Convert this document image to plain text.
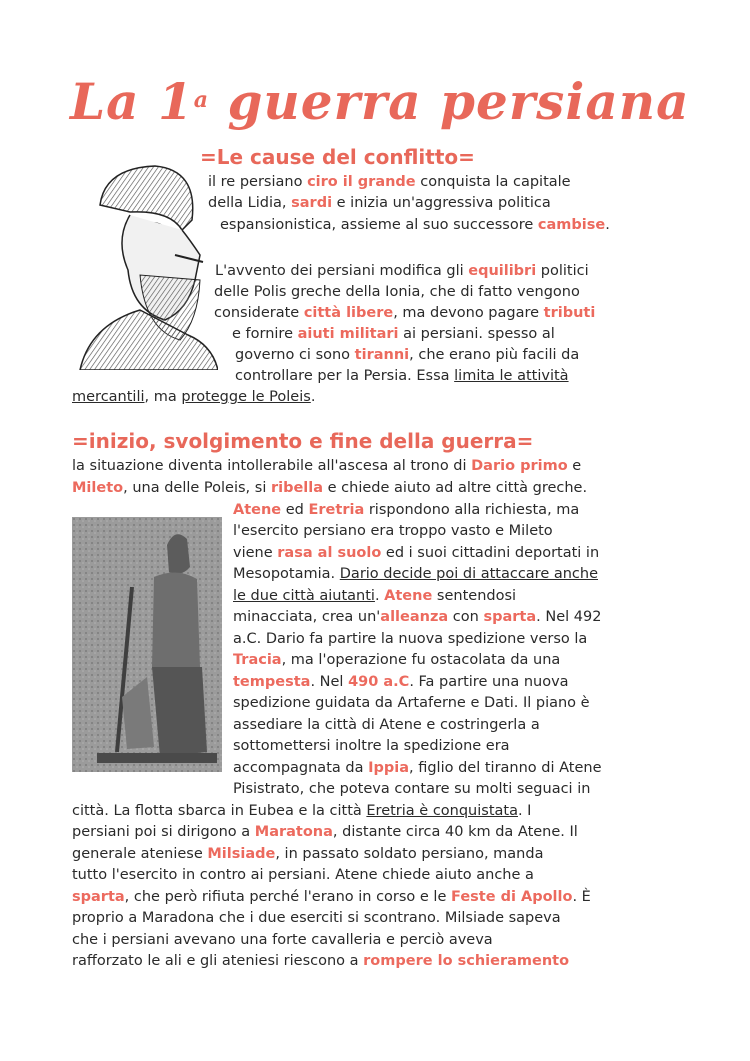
La 1$^a$ guerra persiana
=Le cause del conflitto=

il re persiano ciro il grande conquista la capitale

della Lidia, sardi e inizia un'aggressiva politica

espansionistica, assieme al suo successore cambise.

L'avvento dei persiani modifica gli equilibri politici

delle Polis greche della Ionia, che di fatto vengono

considerate città libere, ma devono pagare tributi

e fornire aiuti militari ai persiani. spesso al

governo ci sono tiranni, che erano più facili da

controllare per la Persia. Essa limita le attività

mercantili, ma protegge le Poleis.

=inizio, svolgimento e fine della guerra=

la situazione diventa intollerabile all'ascesa al trono di Dario primo e

Mileto, una delle Poleis, si ribella e chiede aiuto ad altre città greche.

Atene ed Eretria rispondono alla richiesta, ma

l'esercito persiano era troppo vasto e Mileto

viene rasa al suolo ed i suoi cittadini deportati in

Mesopotamia. Dario decide poi di attaccare anche

le due città aiutanti. Atene sentendosi

minacciata, crea un'alleanza con sparta. Nel 492

a.C. Dario fa partire la nuova spedizione verso la

Tracia, ma l'operazione fu ostacolata da una

tempesta. Nel 490 a.C. Fa partire una nuova

spedizione guidata da Artaferne e Dati. Il piano è

assediare la città di Atene e costringerla a

sottomettersi inoltre la spedizione era

accompagnata da Ippia, figlio del tiranno di Atene

Pisistrato, che poteva contare su molti seguaci in

città. La flotta sbarca in Eubea e la città Eretria è conquistata. I

persiani poi si dirigono a Maratona, distante circa 40 km da Atene. Il

generale ateniese Milsiade, in passato soldato persiano, manda

tutto l'esercito in contro ai persiani. Atene chiede aiuto anche a

sparta, che però rifiuta perché l'erano in corso e le Feste di Apollo. È

proprio a Maradona che i due eserciti si scontrano. Milsiade sapeva

che i persiani avevano una forte cavalleria e perciò aveva

rafforzato le ali e gli ateniesi riescono a rompere lo schieramento
